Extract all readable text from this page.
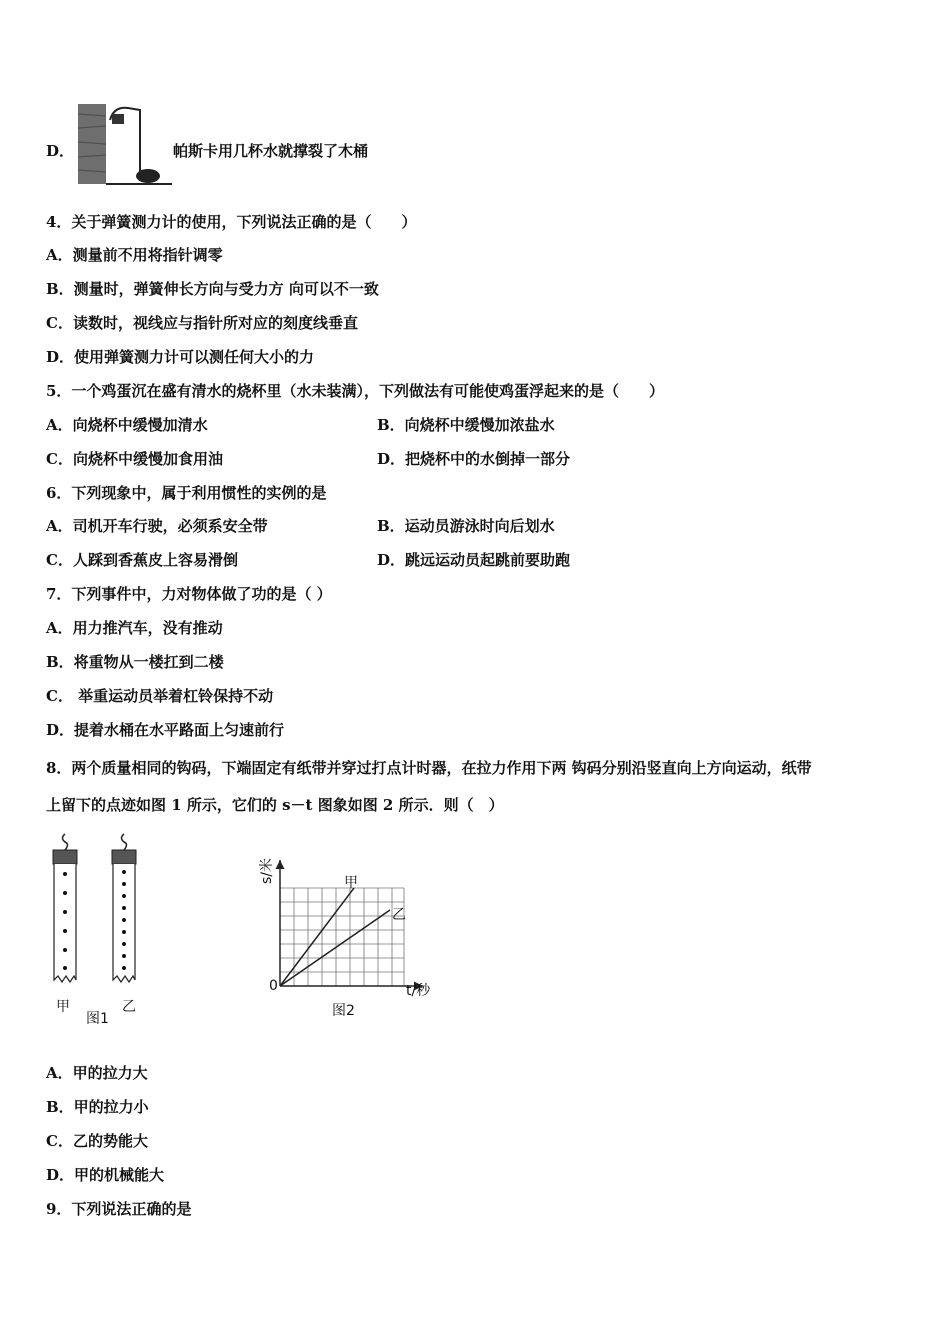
D．	帕斯卡用几杯水就撑裂了木桶
4．关于弹簧测力计的使用，下列说法正确的是（　　）
A．测量前不用将指针调零
B．测量时，弹簧伸长方向与受力方 向可以不一致
C．读数时，视线应与指针所对应的刻度线垂直
D．使用弹簧测力计可以测任何大小的力
5．一个鸡蛋沉在盛有清水的烧杯里（水未装满），下列做法有可能使鸡蛋浮起来的是（　　）
A．向烧杯中缓慢加清水	B．向烧杯中缓慢加浓盐水
C．向烧杯中缓慢加食用油	D．把烧杯中的水倒掉一部分
6．下列现象中，属于利用惯性的实例的是
A．司机开车行驶，必须系安全带	B．运动员游泳时向后划水
C．人踩到香蕉皮上容易滑倒	D．跳远运动员起跳前要助跑
7．下列事件中，力对物体做了功的是（ ）
A．用力推汽车，没有推动
B．将重物从一楼扛到二楼
C． 举重运动员举着杠铃保持不动
D．提着水桶在水平路面上匀速前行
8．两个质量相同的钩码，下端固定有纸带并穿过打点计时器，在拉力作用下两 钩码分别沿竖直向上方向运动，纸带
上留下的点迹如图 1 所示，它们的 s－t 图象如图 2 所示．则（　）
甲	乙
图1
s/米
t/秒
0
甲
乙
图2
A．甲的拉力大
B．甲的拉力小
C．乙的势能大
D．甲的机械能大
9．下列说法正确的是
